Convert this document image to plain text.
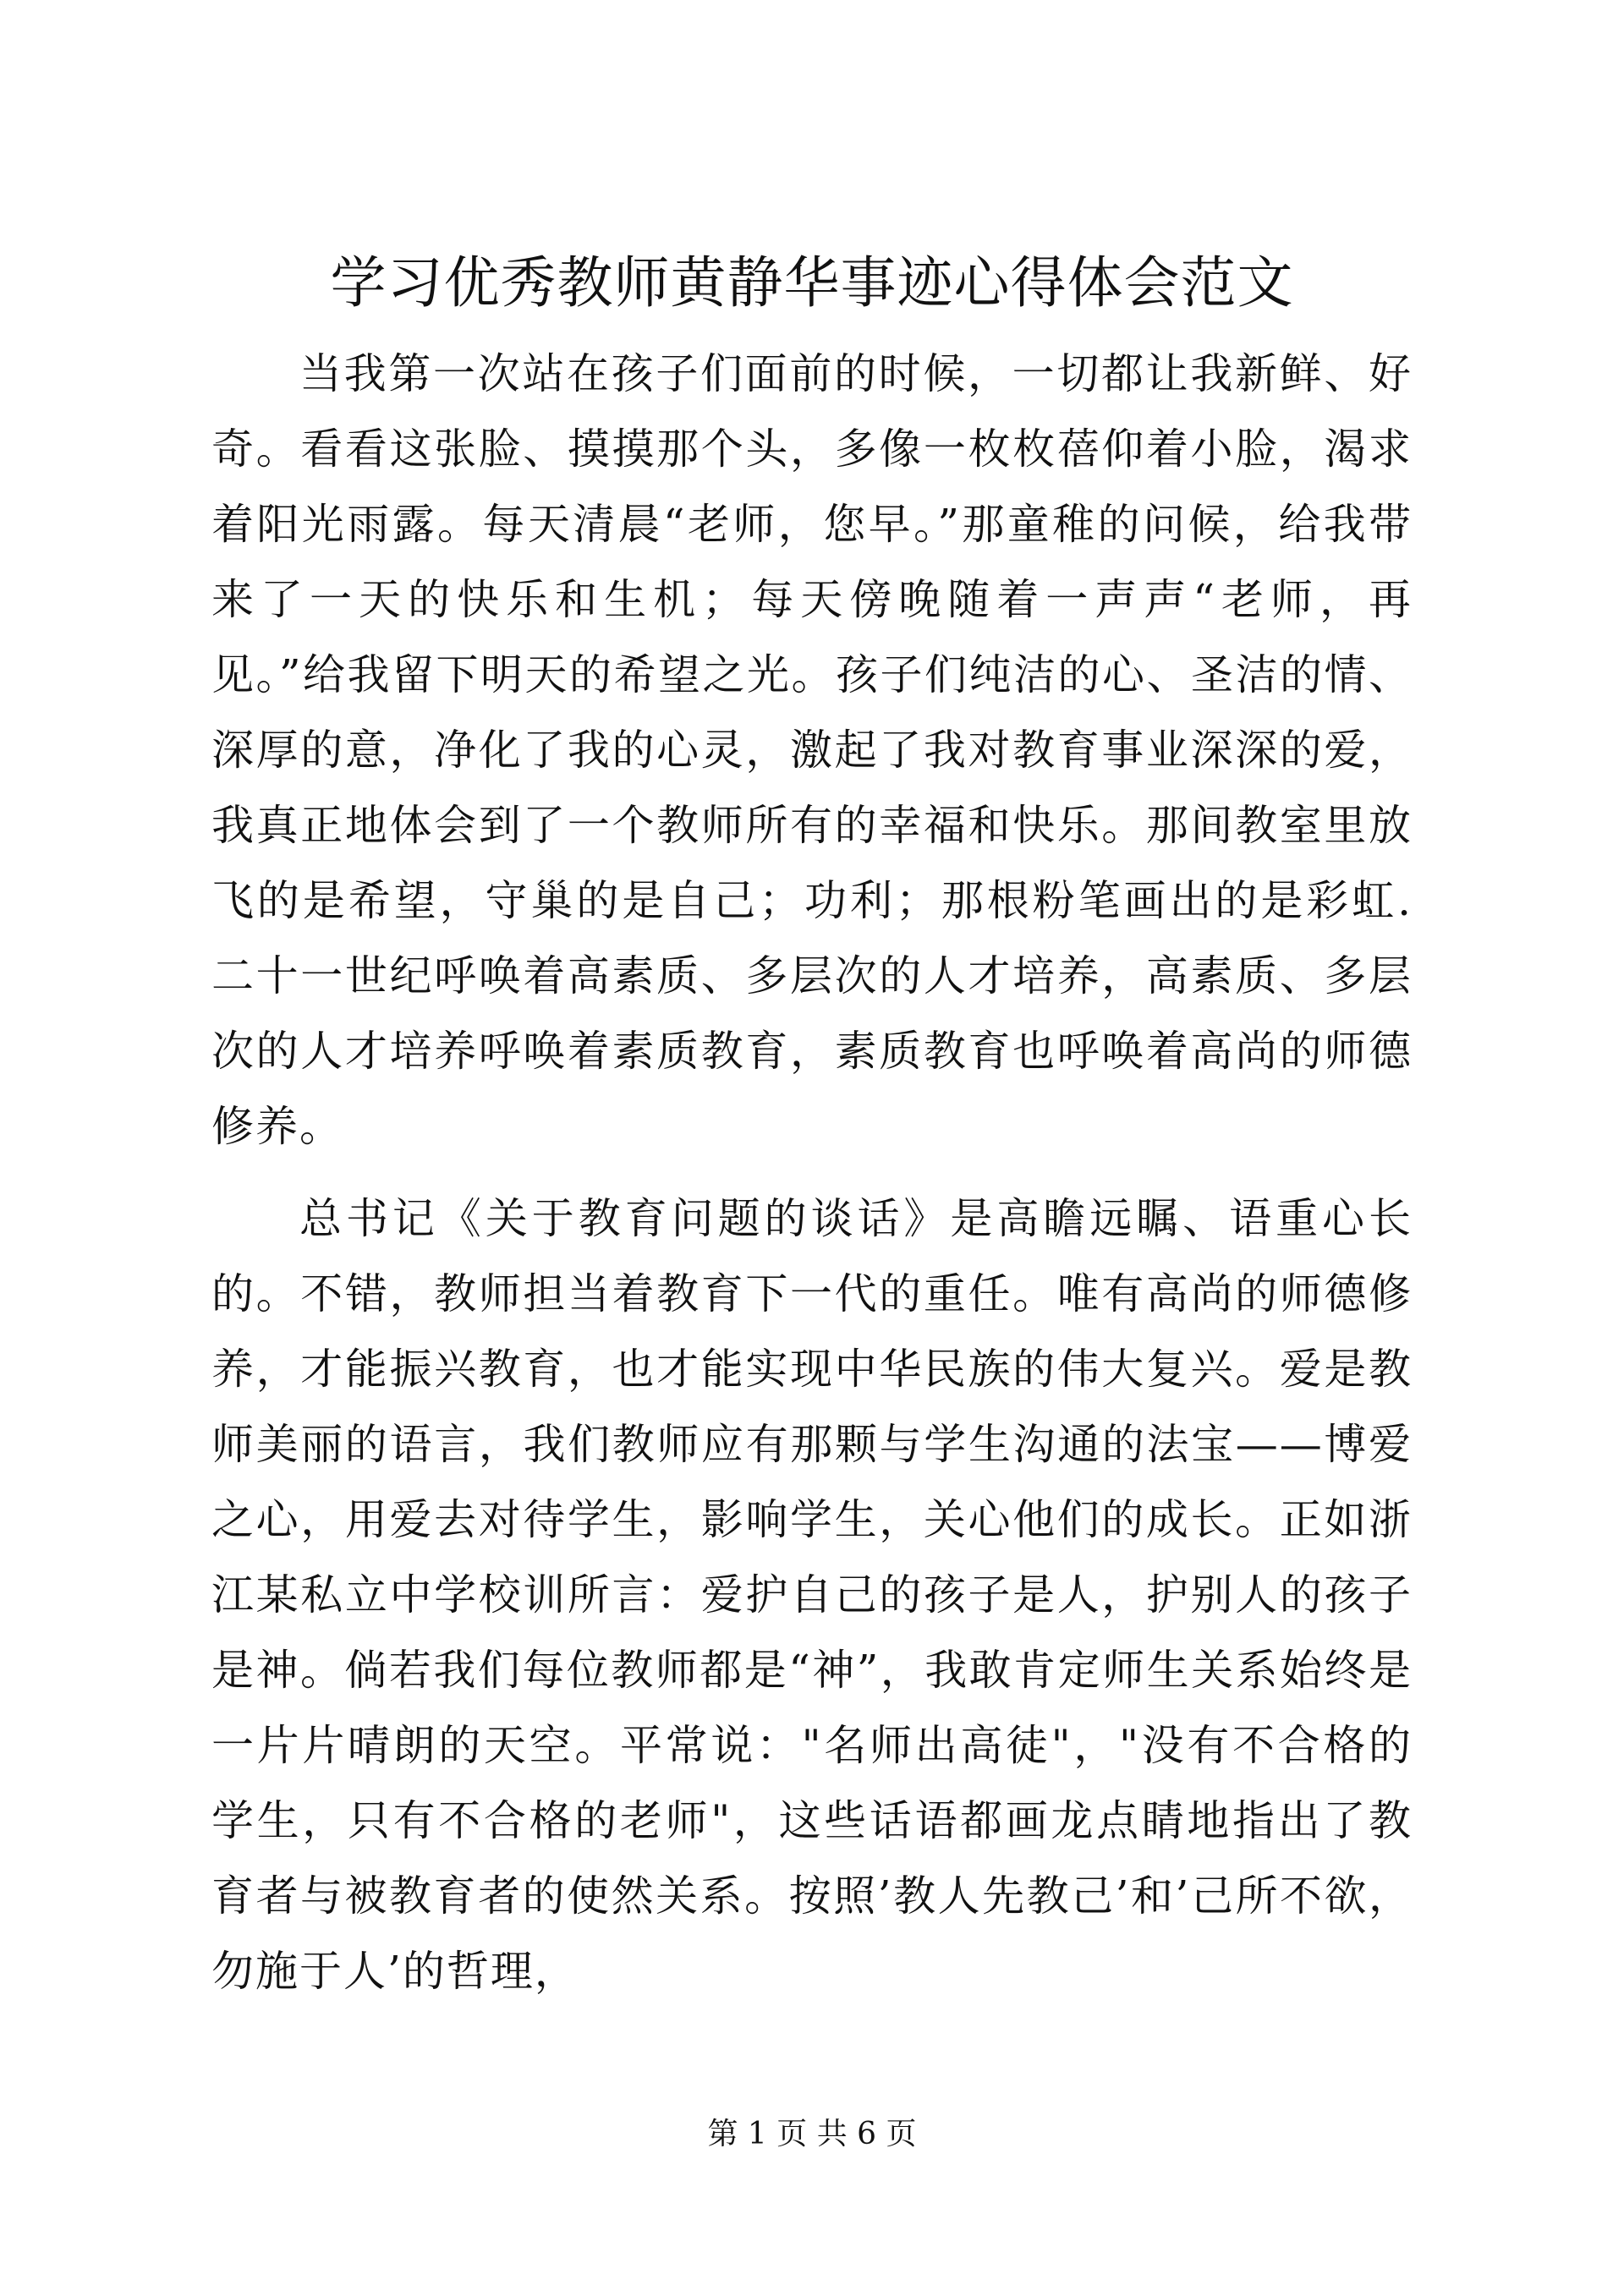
学习优秀教师黄静华事迹心得体会范文

当我第一次站在孩子们面前的时候，一切都让我新鲜、好奇。看看这张脸、摸摸那个头，多像一枚枚蓓仰着小脸，渴求着阳光雨露。每天清晨“老师，您早。”那童稚的问候，给我带来了一天的快乐和生机；每天傍晚随着一声声“老师，再见。”给我留下明天的希望之光。孩子们纯洁的心、圣洁的情、深厚的意，净化了我的心灵，激起了我对教育事业深深的爱，我真正地体会到了一个教师所有的幸福和快乐。那间教室里放飞的是希望，守巢的是自己；功利；那根粉笔画出的是彩虹.二十一世纪呼唤着高素质、多层次的人才培养，高素质、多层次的人才培养呼唤着素质教育，素质教育也呼唤着高尚的师德修养。

总书记《关于教育问题的谈话》是高瞻远瞩、语重心长的。不错，教师担当着教育下一代的重任。唯有高尚的师德修养，才能振兴教育，也才能实现中华民族的伟大复兴。爱是教师美丽的语言，我们教师应有那颗与学生沟通的法宝——博爱之心，用爱去对待学生，影响学生，关心他们的成长。正如浙江某私立中学校训所言：爱护自己的孩子是人，护别人的孩子是神。倘若我们每位教师都是“神”，我敢肯定师生关系始终是一片片晴朗的天空。平常说："名师出高徒"，"没有不合格的学生，只有不合格的老师"，这些话语都画龙点睛地指出了教育者与被教育者的使然关系。按照’教人先教己’和’己所不欲，勿施于人’的哲理，

第 1 页 共 6 页
